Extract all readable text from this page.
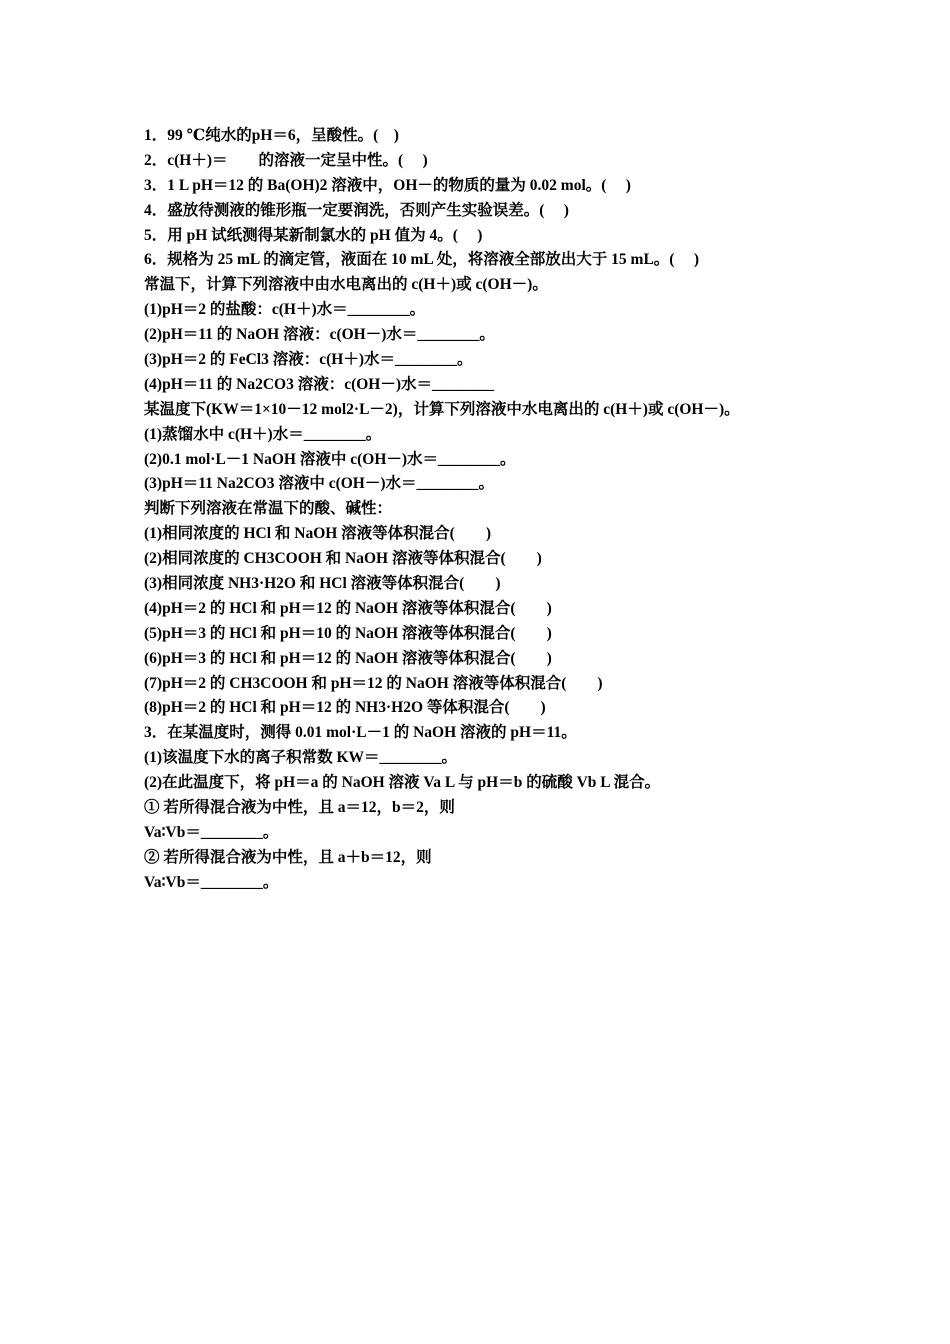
1．99 ℃纯水的pH＝6，呈酸性。(    )
2．c(H＋)＝        的溶液一定呈中性。(     )
3．1 L pH＝12 的 Ba(OH)2 溶液中，OH－的物质的量为 0.02 mol。(     )
4．盛放待测液的锥形瓶一定要润洗，否则产生实验误差。(     )
5．用 pH 试纸测得某新制氯水的 pH 值为 4。(     )
6．规格为 25 mL 的滴定管，液面在 10 mL 处，将溶液全部放出大于 15 mL。(     )
常温下，计算下列溶液中由水电离出的 c(H＋)或 c(OH－)。
(1)pH＝2 的盐酸：c(H＋)水＝________。
(2)pH＝11 的 NaOH 溶液：c(OH－)水＝________。
(3)pH＝2 的 FeCl3 溶液：c(H＋)水＝________。
(4)pH＝11 的 Na2CO3 溶液：c(OH－)水＝________
某温度下(KW＝1×10－12 mol2·L－2)，计算下列溶液中水电离出的 c(H＋)或 c(OH－)。
(1)蒸馏水中 c(H＋)水＝________。
(2)0.1 mol·L－1 NaOH 溶液中 c(OH－)水＝________。
(3)pH＝11 Na2CO3 溶液中 c(OH－)水＝________。
判断下列溶液在常温下的酸、碱性：
(1)相同浓度的 HCl 和 NaOH 溶液等体积混合(        )
(2)相同浓度的 CH3COOH 和 NaOH 溶液等体积混合(        )
(3)相同浓度 NH3·H2O 和 HCl 溶液等体积混合(        )
(4)pH＝2 的 HCl 和 pH＝12 的 NaOH 溶液等体积混合(        )
(5)pH＝3 的 HCl 和 pH＝10 的 NaOH 溶液等体积混合(        )
(6)pH＝3 的 HCl 和 pH＝12 的 NaOH 溶液等体积混合(        )
(7)pH＝2 的 CH3COOH 和 pH＝12 的 NaOH 溶液等体积混合(        )
(8)pH＝2 的 HCl 和 pH＝12 的 NH3·H2O 等体积混合(        )
3．在某温度时，测得 0.01 mol·L－1 的 NaOH 溶液的 pH＝11。
(1)该温度下水的离子积常数 KW＝________。
(2)在此温度下，将 pH＝a 的 NaOH 溶液 Va L 与 pH＝b 的硫酸 Vb L 混合。
① 若所得混合液为中性，且 a＝12，b＝2，则
Va∶Vb＝________。
② 若所得混合液为中性，且 a＋b＝12，则
Va∶Vb＝________。
